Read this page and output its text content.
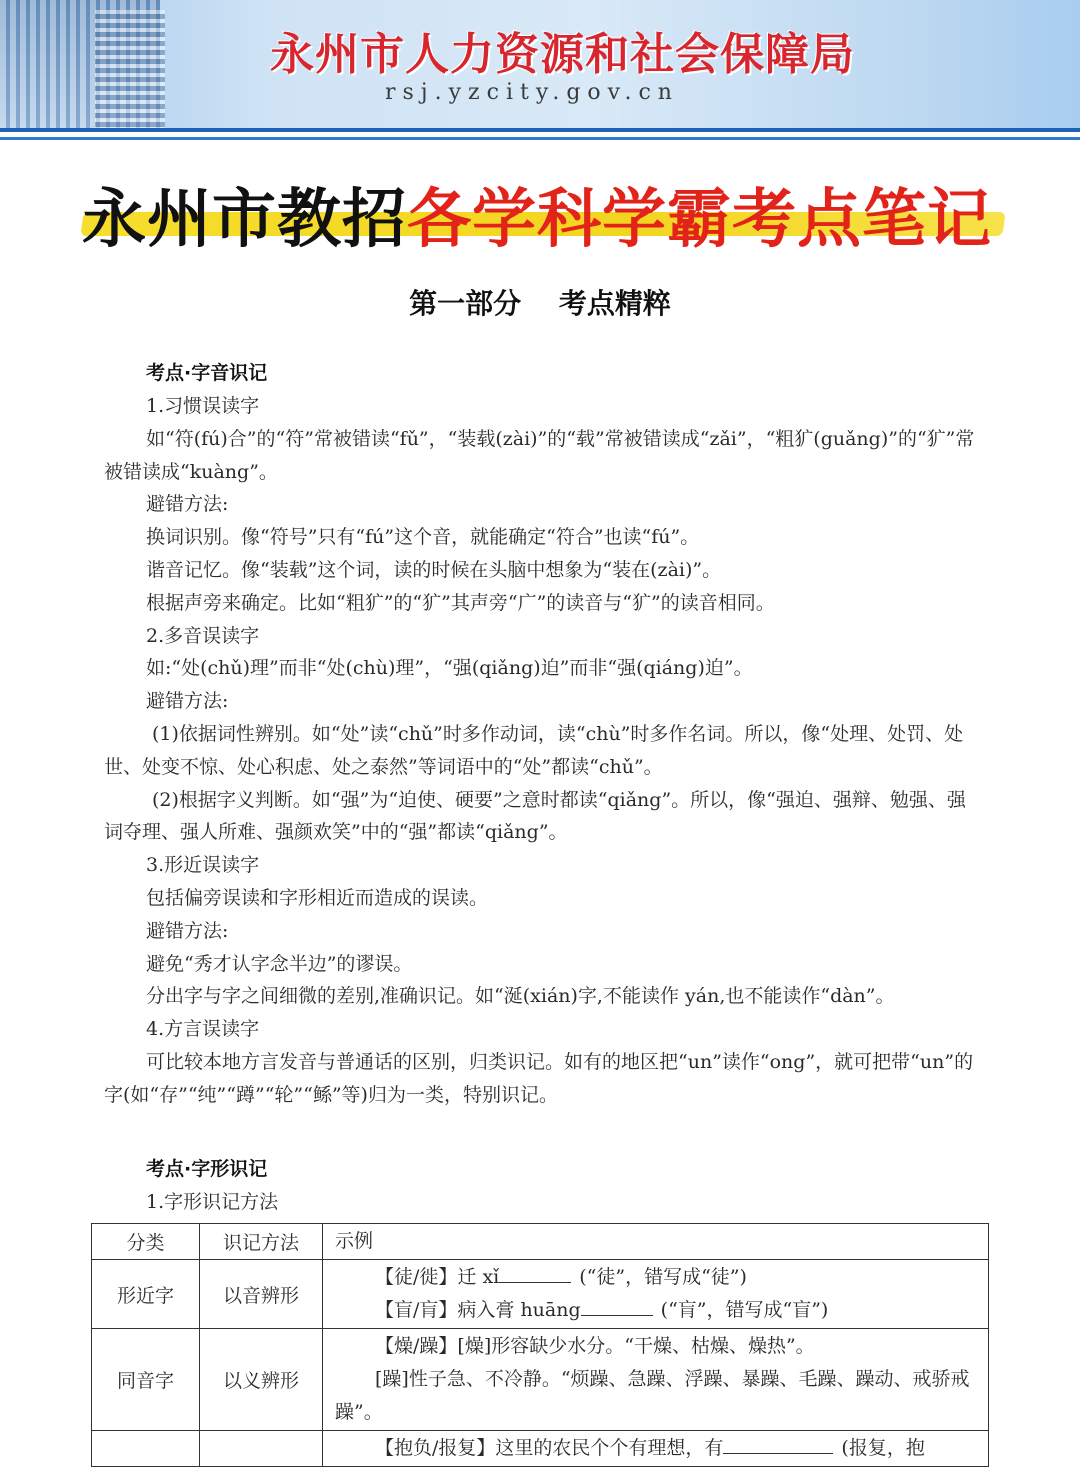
永州市人力资源和社会保障局
rsj.yzcity.gov.cn
永州市教招各学科学霸考点笔记
第一部分　 考点精粹
考点·字音识记
1.习惯误读字
如“符(fú)合”的“符”常被错读“fǔ”，“装载(zài)”的“载”常被错读成“zǎi”，“粗犷(guǎng)”的“犷”常被错读成“kuàng”。
避错方法:
换词识别。像“符号”只有“fú”这个音，就能确定“符合”也读“fú”。
谐音记忆。像“装载”这个词，读的时候在头脑中想象为“装在(zài)”。
根据声旁来确定。比如“粗犷”的“犷”其声旁“广”的读音与“犷”的读音相同。
2.多音误读字
如:“处(chǔ)理”而非“处(chù)理”，“强(qiǎng)迫”而非“强(qiáng)迫”。
避错方法:
(1)依据词性辨别。如“处”读“chǔ”时多作动词，读“chù”时多作名词。所以，像“处理、处罚、处世、处变不惊、处心积虑、处之泰然”等词语中的“处”都读“chǔ”。
(2)根据字义判断。如“强”为“迫使、硬要”之意时都读“qiǎng”。所以，像“强迫、强辩、勉强、强词夺理、强人所难、强颜欢笑”中的“强”都读“qiǎng”。
3.形近误读字
包括偏旁误读和字形相近而造成的误读。
避错方法:
避免“秀才认字念半边”的谬误。
分出字与字之间细微的差别,准确识记。如“涎(xián)字,不能读作 yán,也不能读作“dàn”。
4.方言误读字
可比较本地方言发音与普通话的区别，归类识记。如有的地区把“un”读作“ong”，就可把带“un”的字(如“存”“纯”“蹲”“轮”“鲧”等)归为一类，特别识记。
考点·字形识记
1.字形识记方法
分类	识记方法	示例
形近字	以音辨形	【徒/徙】迁 xǐ (“徒”，错写成“徒”)
【盲/肓】病入膏 huāng (“肓”，错写成“盲”)

同音字	以义辨形	【燥/躁】[燥]形容缺少水分。“干燥、枯燥、燥热”。
[躁]性子急、不冷静。“烦躁、急躁、浮躁、暴躁、毛躁、躁动、戒骄戒躁”。

		【抱负/报复】这里的农民个个有理想，有 (报复，抱
